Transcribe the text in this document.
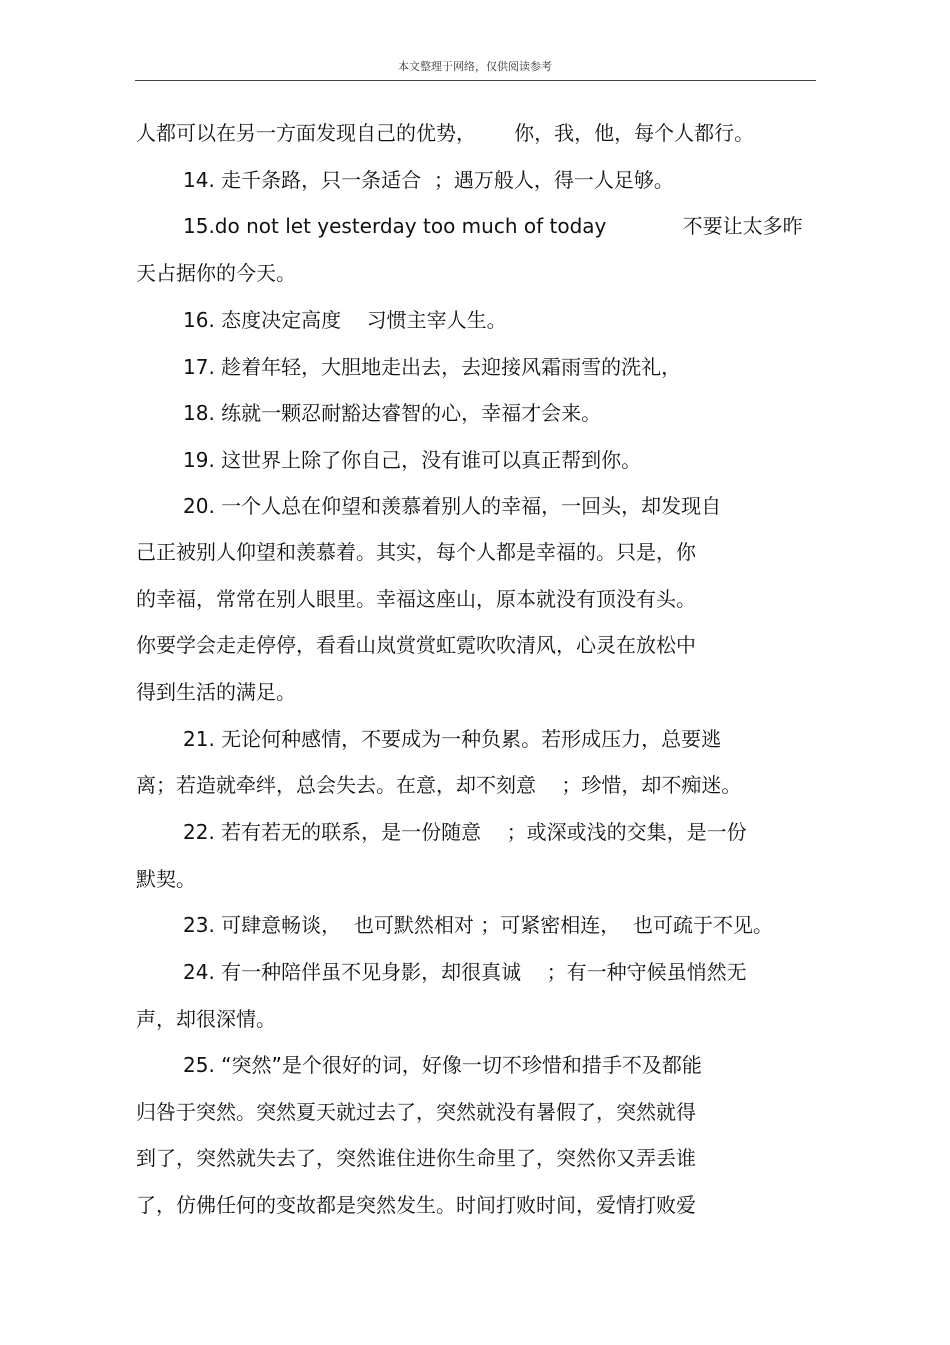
本文整理于网络，仅供阅读参考
人都可以在另一方面发现自己的优势，      你，我，他，每个人都行。
14. 走千条路，只一条适合  ；遇万般人，得一人足够。
15.do not let yesterday too much of today            不要让太多昨
天占据你的今天。
16. 态度决定高度    习惯主宰人生。
17. 趁着年轻，大胆地走出去，去迎接风霜雨雪的洗礼，
18. 练就一颗忍耐豁达睿智的心，幸福才会来。
19. 这世界上除了你自己，没有谁可以真正帮到你。
20. 一个人总在仰望和羡慕着别人的幸福，一回头，却发现自
己正被别人仰望和羡慕着。其实，每个人都是幸福的。只是，你
的幸福，常常在别人眼里。幸福这座山，原本就没有顶没有头。
你要学会走走停停，看看山岚赏赏虹霓吹吹清风，心灵在放松中
得到生活的满足。
21. 无论何种感情，不要成为一种负累。若形成压力，总要逃
离；若造就牵绊，总会失去。在意，却不刻意    ；珍惜，却不痴迷。
22. 若有若无的联系，是一份随意    ；或深或浅的交集，是一份
默契。
23. 可肆意畅谈，  也可默然相对 ；可紧密相连，  也可疏于不见。
24. 有一种陪伴虽不见身影，却很真诚    ；有一种守候虽悄然无
声，却很深情。
25. “突然”是个很好的词，好像一切不珍惜和措手不及都能
归咎于突然。突然夏天就过去了，突然就没有暑假了，突然就得
到了，突然就失去了，突然谁住进你生命里了，突然你又弄丢谁
了，仿佛任何的变故都是突然发生。时间打败时间，爱情打败爱
